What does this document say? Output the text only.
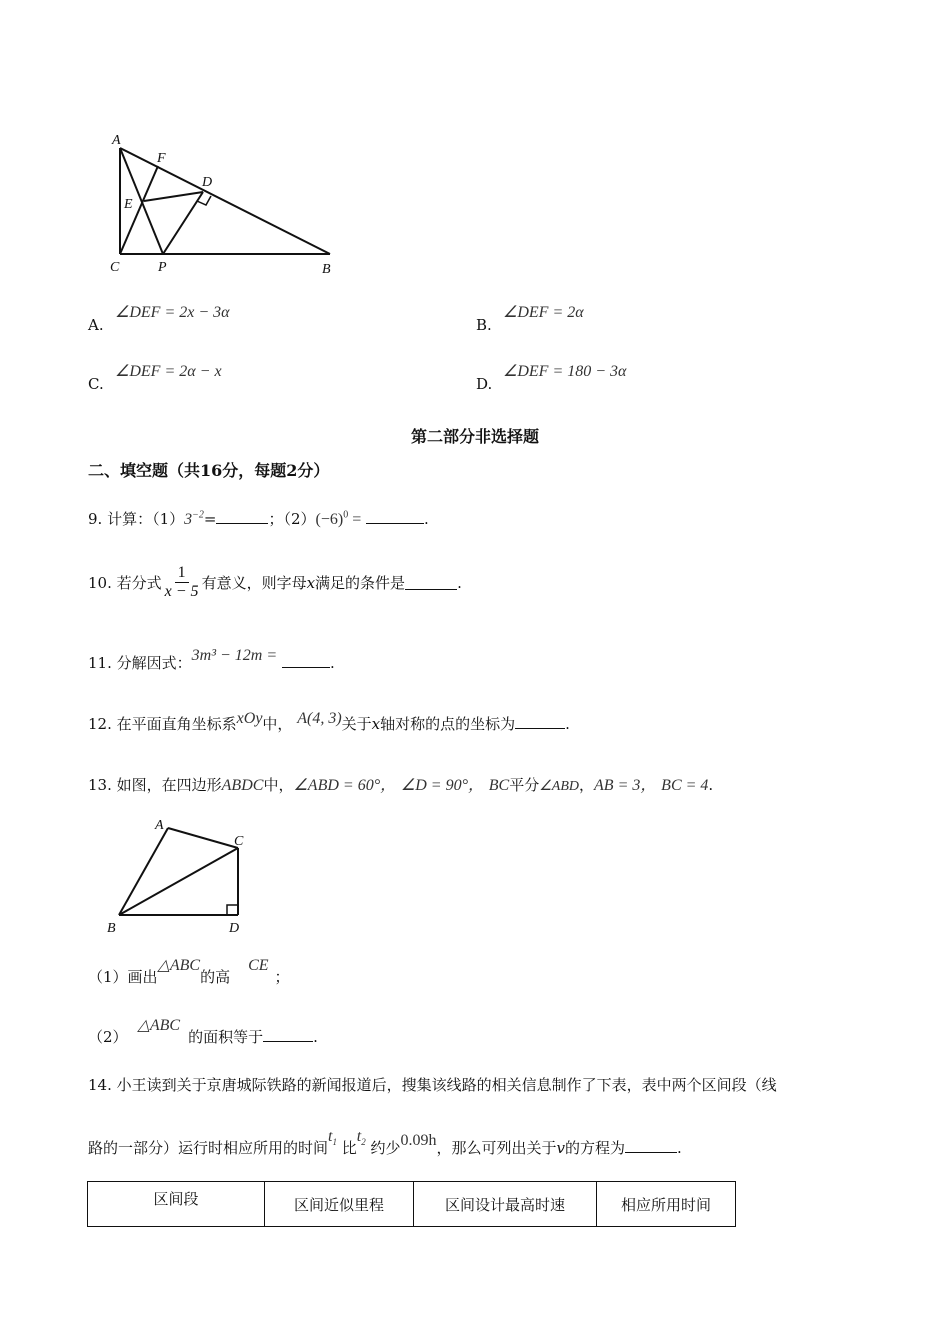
A
F
D
E
C	P	B
A.
∠DEF = 2x − 3α
B.
∠DEF = 2α
C.
∠DEF = 2α − x
D.
∠DEF = 180 − 3α
第二部分非选择题
二、填空题（共16分，每题2分）
9. 计算：$(1)3^{-2}=$	；$(2)(-6)^0$ =	.
10.
若分式 $\frac{1}{x - 5}$ 有意义，则字母 x 满足的条件是	.
11. 分解因式：3m³ − 12m =	.
12. 在平面直角坐标系xOy中， A(4, 3)关于x轴对称的点的坐标为	.
13. 如图，在四边形ABDC中，∠ABD = 60°， ∠D = 90°， BC平分∠ABD，AB = 3， BC = 4.
A
C
B	D
（1）画出△ABC的高CE；
（2）△ABC的面积等于	.
14. 小王读到关于京唐城际铁路的新闻报道后，搜集该线路的相关信息制作了下表，表中两个区间段（线
路的一部分）运行时相应所用的时间$t_1$ 比$t_2$ 约少0.09h，那么可列出关于v的方程为	.
区间段	区间近似里程	区间设计最高时速	相应所用时间
